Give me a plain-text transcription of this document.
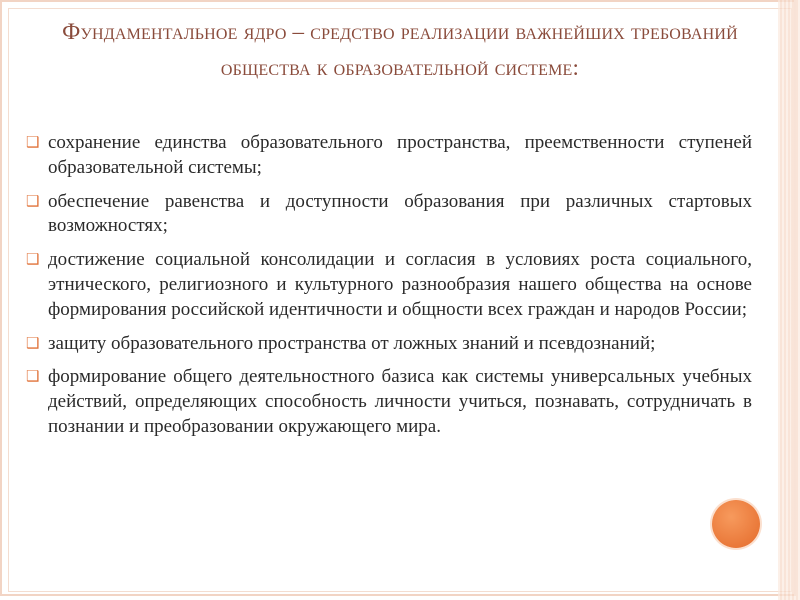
Фундаментальное ядро – средство реализации важнейших требований общества к образовательной системе:
❑ сохранение единства образовательного пространства, преемственности ступеней образовательной системы;
❑ обеспечение равенства и доступности образования при различных стартовых возможностях;
❑ достижение социальной консолидации и согласия в условиях роста социального, этнического, религиозного и культурного разнообразия нашего общества на основе формирования российской идентичности и общности всех граждан и народов России;
❑ защиту образовательного пространства от ложных знаний и псевдознаний;
❑ формирование общего деятельностного базиса как системы универсальных учебных действий, определяющих способность личности учиться, познавать, сотрудничать в познании и преобразовании окружающего мира.
